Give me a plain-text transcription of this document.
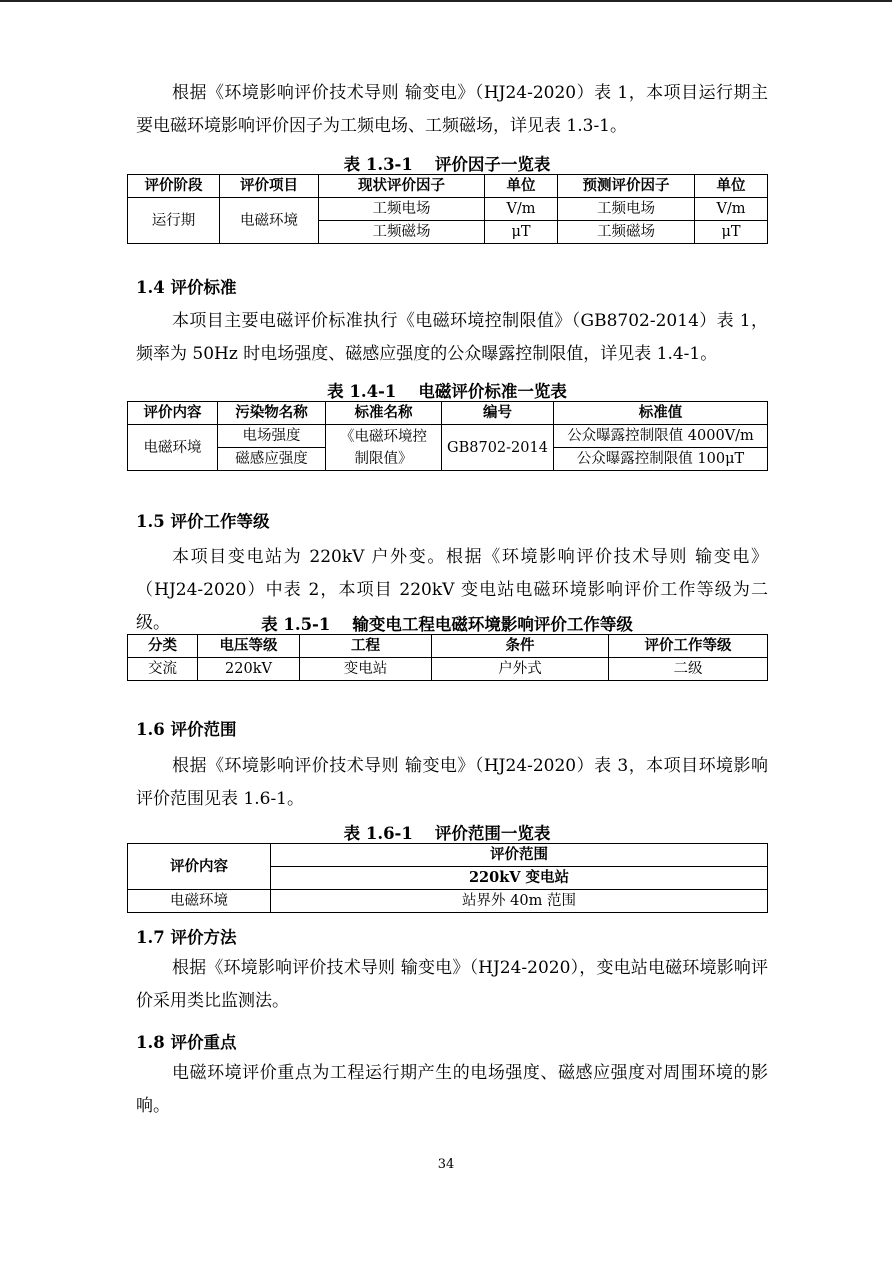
根据《环境影响评价技术导则 输变电》（HJ24-2020）表 1，本项目运行期主要电磁环境影响评价因子为工频电场、工频磁场，详见表 1.3-1。

表 1.3-1 评价因子一览表

评价阶段	评价项目	现状评价因子	单位	预测评价因子	单位
运行期	电磁环境	工频电场	V/m	工频电场	V/m
		工频磁场	μT	工频磁场	μT

1.4 评价标准

本项目主要电磁评价标准执行《电磁环境控制限值》（GB8702-2014）表 1，频率为 50Hz 时电场强度、磁感应强度的公众曝露控制限值，详见表 1.4-1。

表 1.4-1 电磁评价标准一览表

评价内容	污染物名称	标准名称	编号	标准值
电磁环境	电场强度	《电磁环境控制限值》	GB8702-2014	公众曝露控制限值 4000V/m
	磁感应强度			公众曝露控制限值 100μT

1.5 评价工作等级

本项目变电站为 220kV 户外变。根据《环境影响评价技术导则 输变电》（HJ24-2020）中表 2，本项目 220kV 变电站电磁环境影响评价工作等级为二级。	表 1.5-1 输变电工程电磁环境影响评价工作等级

分类	电压等级	工程	条件	评价工作等级
交流	220kV	变电站	户外式	二级

1.6 评价范围

根据《环境影响评价技术导则 输变电》（HJ24-2020）表 3，本项目环境影响评价范围见表 1.6-1。

表 1.6-1 评价范围一览表

评价内容	评价范围
	220kV 变电站
电磁环境	站界外 40m 范围

1.7 评价方法

根据《环境影响评价技术导则 输变电》（HJ24-2020），变电站电磁环境影响评价采用类比监测法。

1.8 评价重点

电磁环境评价重点为工程运行期产生的电场强度、磁感应强度对周围环境的影响。

34
